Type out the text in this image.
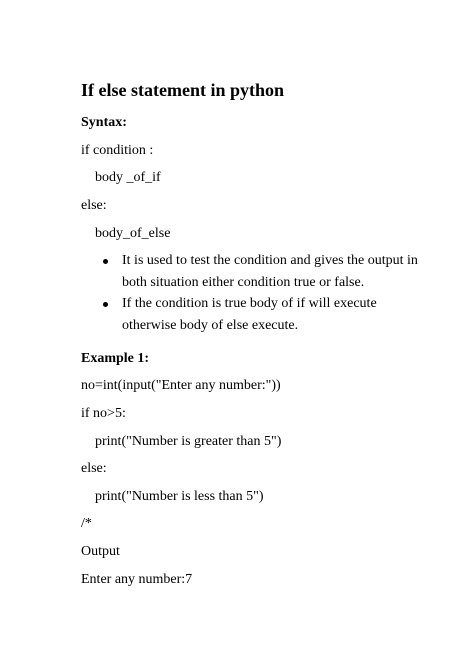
If else statement in python
Syntax:
if condition :
body _of_if
else:
body_of_else
It is used to test the condition and gives the output in
both situation either condition true or false.
If the condition is true body of if will execute
otherwise body of else execute.
Example 1:
no=int(input("Enter any number:"))
if no>5:
print("Number is greater than 5")
else:
print("Number is less than 5")
/*
Output
Enter any number:7
